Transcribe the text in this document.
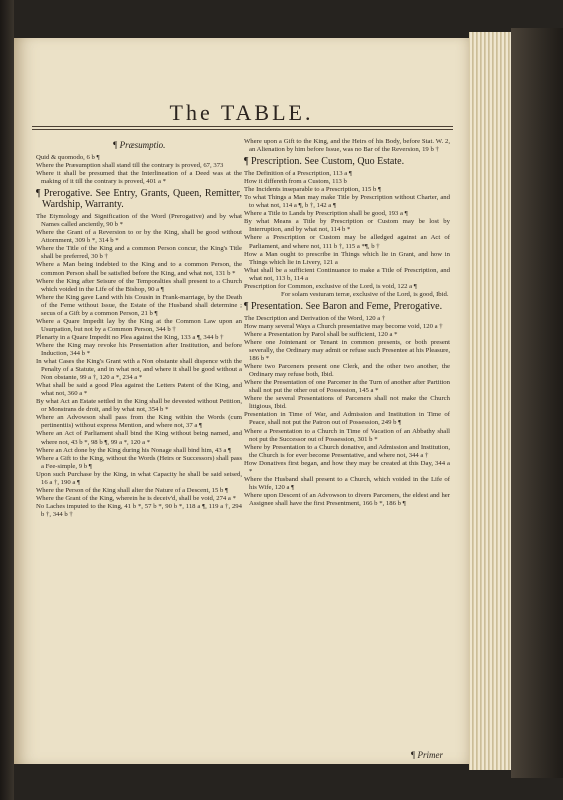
The TABLE.

¶ Præsumptio.

Quid & quomodo, 6 b ¶

Where the Præsumption shall stand till the contrary is proved, 67, 373

Where it shall be presumed that the Interlineation of a Deed was at the making of it till the contrary is proved, 401 a *

¶ Prerogative. See Entry, Grants, Queen, Remitter, Wardship, Warranty.

The Etymology and Signification of the Word (Prerogative) and by what Names called anciently, 90 b *

Where the Grant of a Reversion to or by the King, shall be good without Attornment, 309 b *, 314 b *

Where the Title of the King and a common Person concur, the King's Title shall be preferred, 30 b †

Where a Man being indebted to the King and to a common Person, the common Person shall be satisfied before the King, and what not, 131 b *

Where the King after Seisure of the Temporalties shall present to a Church which voided in the Life of the Bishop, 90 a ¶

Where the King gave Land with his Cousin in Frank-marriage, by the Death of the Feme without Issue, the Estate of the Husband shall determine ; secus of a Gift by a common Person, 21 b ¶

Where a Quare Impedit lay by the King at the Common Law upon an Usurpation, but not by a Common Person, 344 b †

Plenarty in a Quare Impedit no Plea against the King, 133 a ¶, 344 b †

Where the King may revoke his Presentation after Institution, and before Induction, 344 b *

In what Cases the King's Grant with a Non obstante shall dispence with the Penalty of a Statute, and in what not, and where it shall be good without a Non obstante, 99 a †, 120 a *, 234 a *

What shall be said a good Plea against the Letters Patent of the King, and what not, 360 a *

By what Act an Estate settled in the King shall be devested without Petition, or Monstrans de droit, and by what not, 354 b *

Where an Advowson shall pass from the King within the Words (cum pertinentiis) without express Mention, and where not, 37 a ¶

Where an Act of Parliament shall bind the King without being named, and where not, 43 b *, 98 b ¶, 99 a *, 120 a *

Where an Act done by the King during his Nonage shall bind him, 43 a ¶

Where a Gift to the King, without the Words (Heirs or Successors) shall pass a Fee-simple, 9 b ¶

Upon such Purchase by the King, in what Capacity he shall be said seised, 16 a †, 190 a ¶

Where the Person of the King shall alter the Nature of a Descent, 15 b ¶

Where the Grant of the King, wherein he is deceiv'd, shall be void, 274 a *

No Laches imputed to the King, 41 b *, 57 b *, 90 b *, 118 a ¶, 119 a †, 294 b †, 344 b †

Where upon a Gift to the King, and the Heirs of his Body, before Stat. W. 2, an Alienation by him before Issue, was no Bar of the Reversion, 19 b †

¶ Prescription. See Custom, Quo Estate.

The Definition of a Prescription, 113 a ¶

How it differeth from a Custom, 113 b

The Incidents inseparable to a Prescription, 115 b ¶

To what Things a Man may make Title by Prescription without Charter, and to what not, 114 a ¶, b †, 142 a ¶

Where a Title to Lands by Prescription shall be good, 193 a ¶

By what Means a Title by Prescription or Custom may be lost by Interruption, and by what not, 114 b *

Where a Prescription or Custom may be alledged against an Act of Parliament, and where not, 111 b †, 115 a *¶, b †

How a Man ought to prescribe in Things which lie in Grant, and how in Things which lie in Livery, 121 a

What shall be a sufficient Continuance to make a Title of Prescription, and what not, 113 b, 114 a

Prescription for Common, exclusive of the Lord, is void, 122 a ¶

For solam vesturam terræ, exclusive of the Lord, is good, Ibid.

¶ Presentation. See Baron and Feme, Prerogative.

The Description and Derivation of the Word, 120 a †

How many several Ways a Church presentative may become void, 120 a †

Where a Presentation by Parol shall be sufficient, 120 a *

Where one Jointenant or Tenant in common presents, or both present severally, the Ordinary may admit or refuse such Presentee at his Pleasure, 186 b *

Where two Parceners present one Clerk, and the other two another, the Ordinary may refuse both, Ibid.

Where the Presentation of one Parcener in the Turn of another after Partition shall not put the other out of Possession, 145 a *

Where the several Presentations of Parceners shall not make the Church litigious, Ibid.

Presentation in Time of War, and Admission and Institution in Time of Peace, shall not put the Patron out of Possession, 249 b ¶

Where a Presentation to a Church in Time of Vacation of an Abbathy shall not put the Successor out of Possession, 301 b *

Where by Presentation to a Church donative, and Admission and Institution, the Church is for ever become Presentative, and where not, 344 a †

How Donatives first began, and how they may be created at this Day, 344 a *

Where the Husband shall present to a Church, which voided in the Life of his Wife, 120 a ¶

Where upon Descent of an Advowson to divers Parceners, the eldest and her Assignee shall have the first Presentment, 166 b *, 186 b ¶

¶ Primer
